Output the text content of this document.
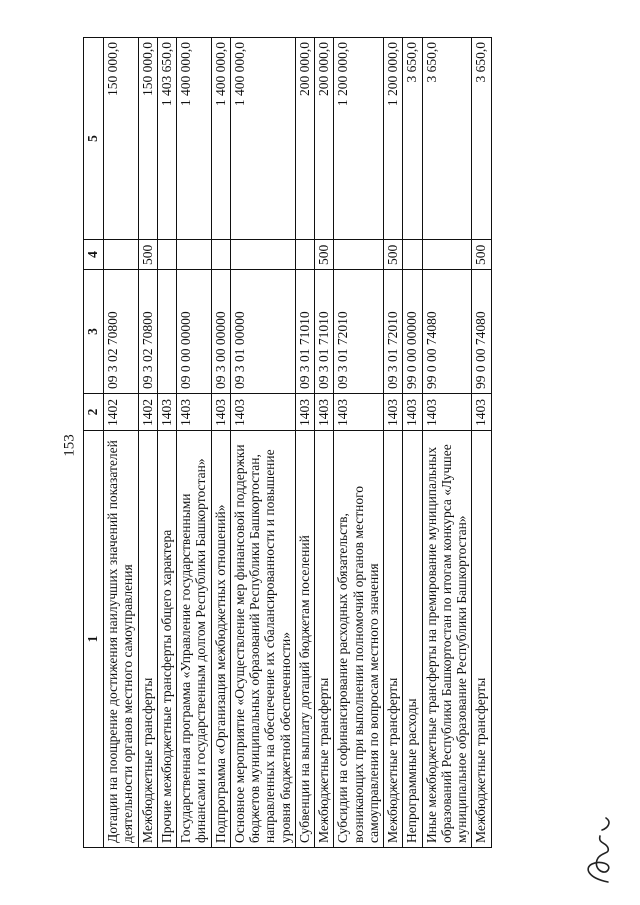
153
1	2	3	4	5
Дотации на поощрение достижения наилучших значений показателей деятельности органов местного самоуправления	1402	09 3 02 70800		150 000,0
Межбюджетные трансферты	1402	09 3 02 70800	500	150 000,0
Прочие межбюджетные трансферты общего характера	1403			1 403 650,0
Государственная программа «Управление государственными финансами и государственным долгом Республики Башкортостан»	1403	09 0 00 00000		1 400 000,0
Подпрограмма «Организация межбюджетных отношений»	1403	09 3 00 00000		1 400 000,0
Основное мероприятие «Осуществление мер финансовой поддержки бюджетов муниципальных образований Республики Башкортостан, направленных на обеспечение их сбалансированности и повышение уровня бюджетной обеспеченности»	1403	09 3 01 00000		1 400 000,0
Субвенции на выплату дотаций бюджетам поселений	1403	09 3 01 71010		200 000,0
Межбюджетные трансферты	1403	09 3 01 71010	500	200 000,0
Субсидии на софинансирование расходных обязательств, возникающих при выполнении полномочий органов местного самоуправления по вопросам местного значения	1403	09 3 01 72010		1 200 000,0
Межбюджетные трансферты	1403	09 3 01 72010	500	1 200 000,0
Непрограммные расходы	1403	99 0 00 00000		3 650,0
Иные межбюджетные трансферты на премирование муниципальных образований Республики Башкортостан по итогам конкурса «Лучшее муниципальное образование Республики Башкортостан»	1403	99 0 00 74080		3 650,0
Межбюджетные трансферты	1403	99 0 00 74080	500	3 650,0
